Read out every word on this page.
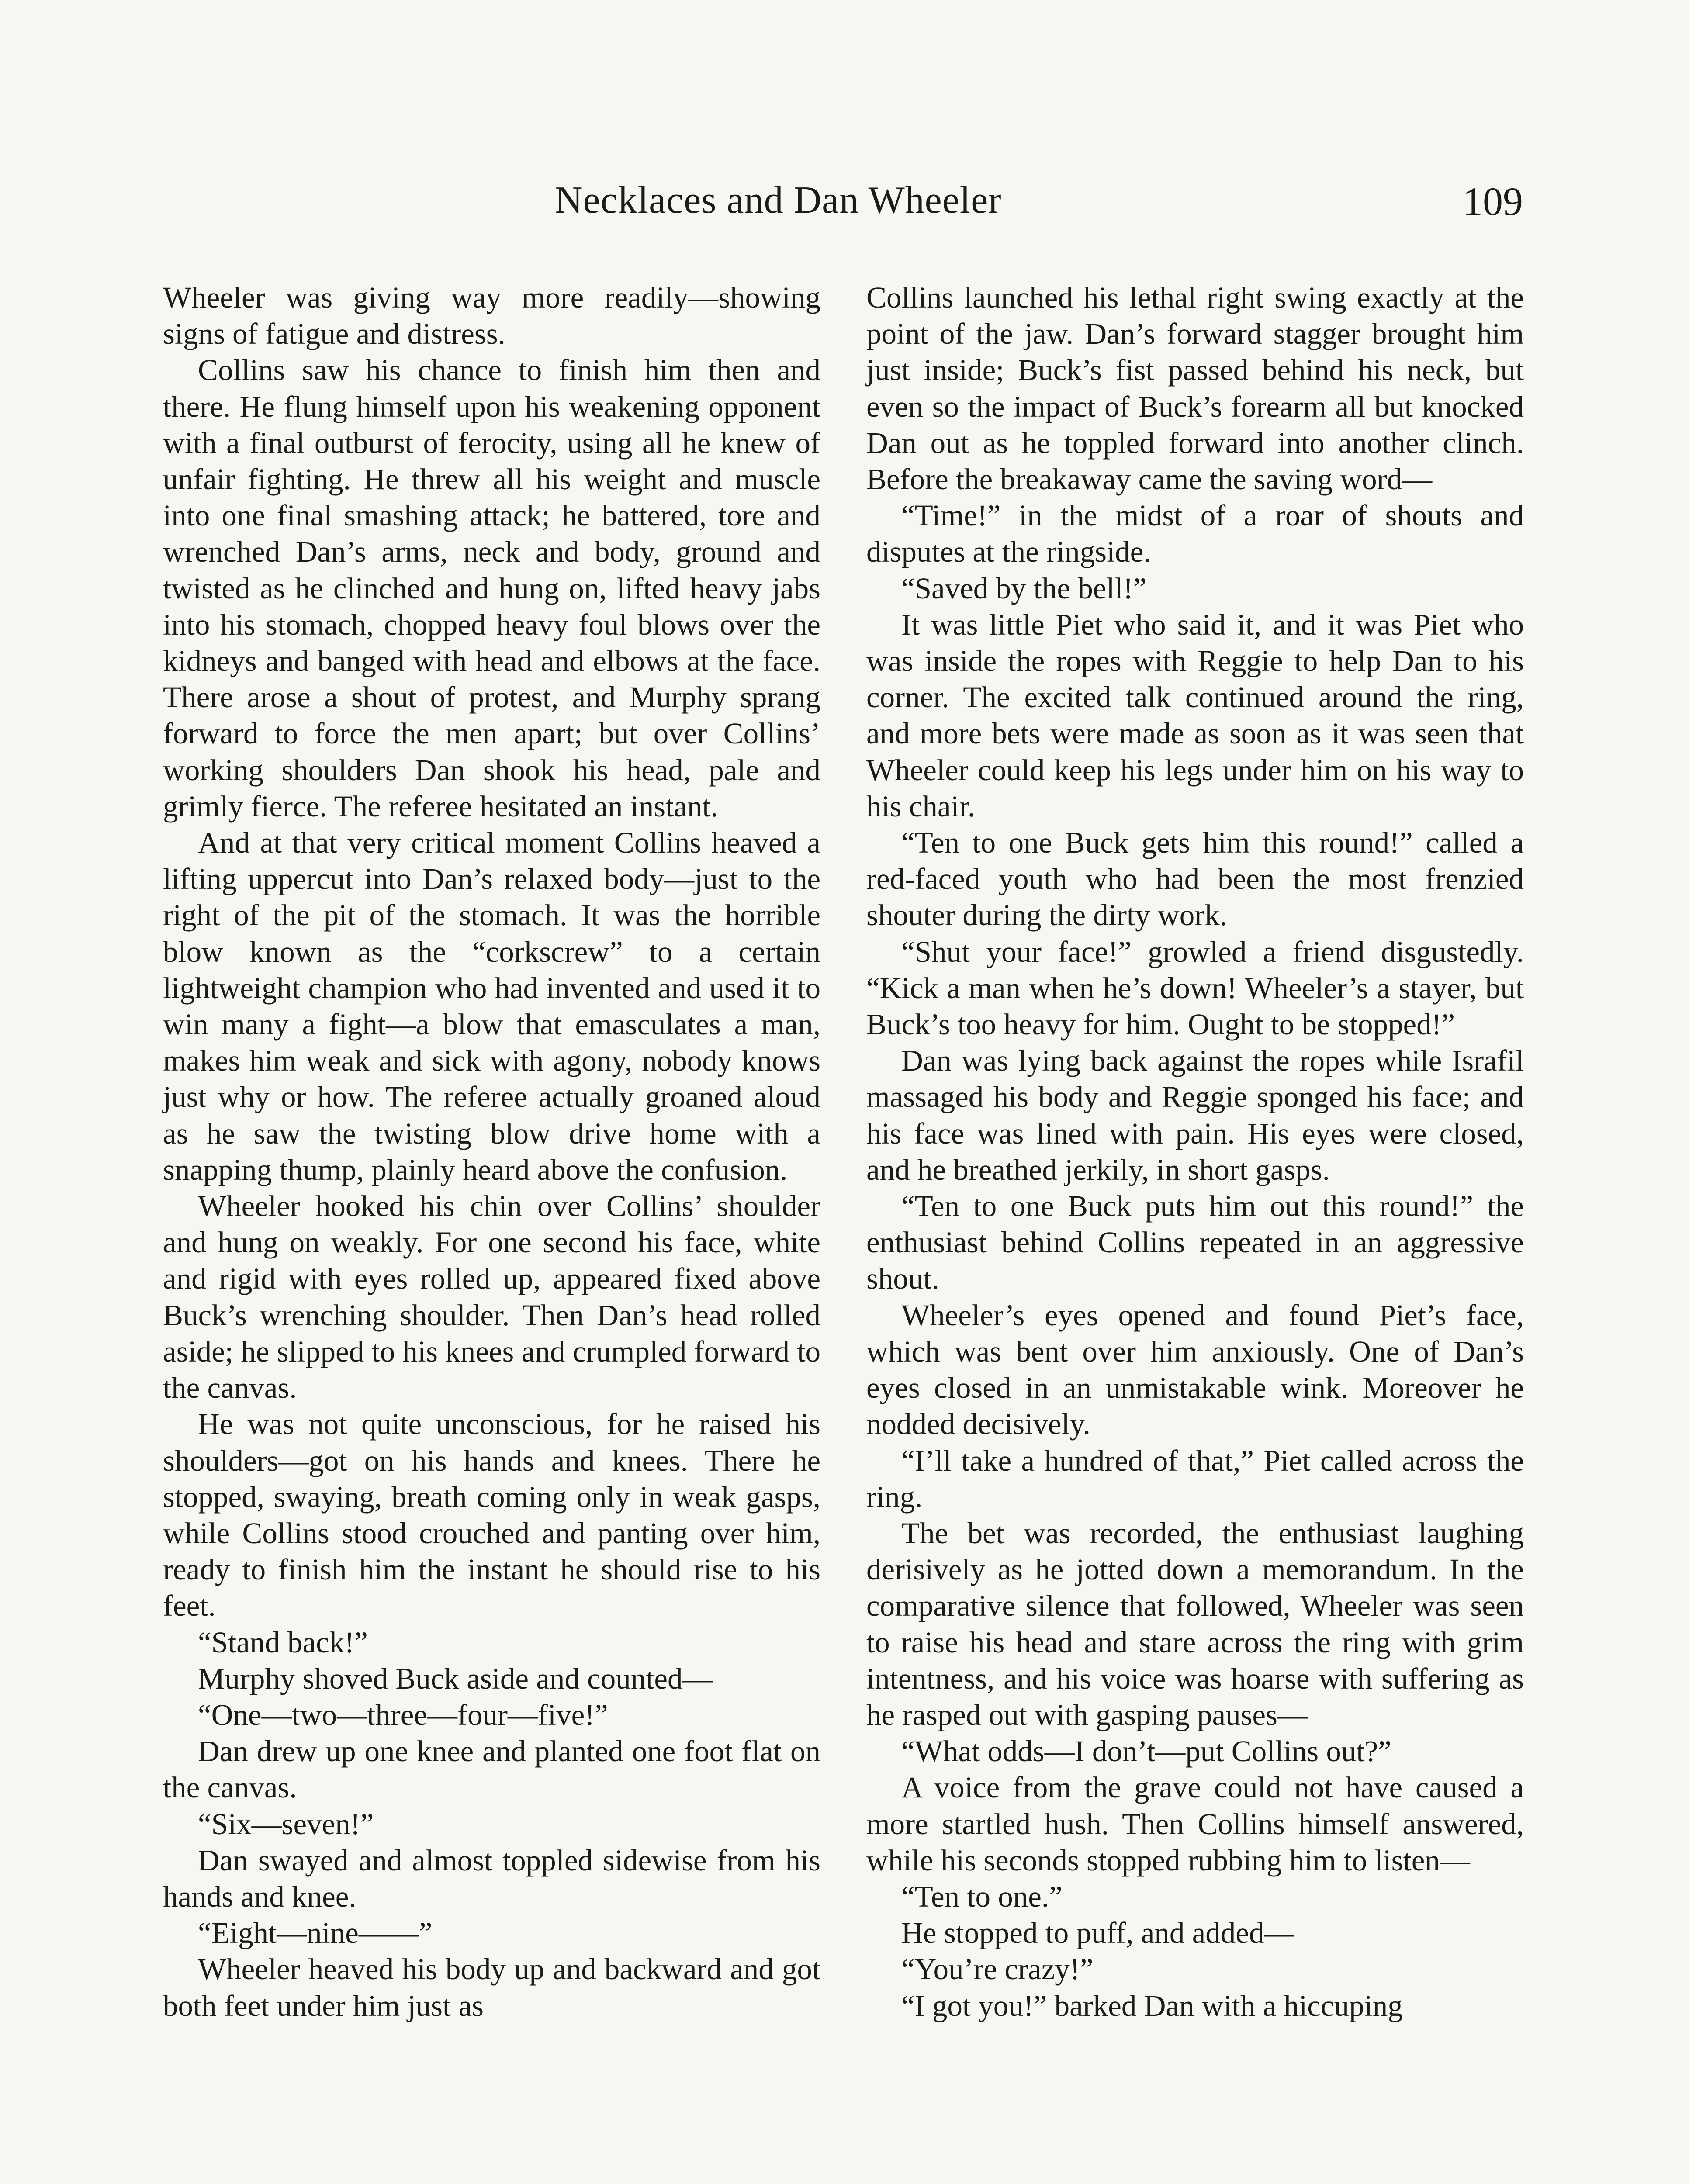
Necklaces and Dan Wheeler	109

Wheeler was giving way more readily—showing signs of fatigue and distress.

Collins saw his chance to finish him then and there. He flung himself upon his weakening opponent with a final outburst of ferocity, using all he knew of unfair fighting. He threw all his weight and muscle into one final smashing attack; he battered, tore and wrenched Dan’s arms, neck and body, ground and twisted as he clinched and hung on, lifted heavy jabs into his stomach, chopped heavy foul blows over the kidneys and banged with head and elbows at the face. There arose a shout of protest, and Murphy sprang forward to force the men apart; but over Collins’ working shoulders Dan shook his head, pale and grimly fierce. The referee hesitated an instant.

And at that very critical moment Collins heaved a lifting uppercut into Dan’s relaxed body—just to the right of the pit of the stomach. It was the horrible blow known as the “corkscrew” to a certain lightweight champion who had invented and used it to win many a fight—a blow that emasculates a man, makes him weak and sick with agony, nobody knows just why or how. The referee actually groaned aloud as he saw the twisting blow drive home with a snapping thump, plainly heard above the confusion.

Wheeler hooked his chin over Collins’ shoulder and hung on weakly. For one second his face, white and rigid with eyes rolled up, appeared fixed above Buck’s wrenching shoulder. Then Dan’s head rolled aside; he slipped to his knees and crumpled forward to the canvas.

He was not quite unconscious, for he raised his shoulders—got on his hands and knees. There he stopped, swaying, breath coming only in weak gasps, while Collins stood crouched and panting over him, ready to finish him the instant he should rise to his feet.

“Stand back!”

Murphy shoved Buck aside and counted—

“One—two—three—four—five!”

Dan drew up one knee and planted one foot flat on the canvas.

“Six—seven!”

Dan swayed and almost toppled sidewise from his hands and knee.

“Eight—nine——”

Wheeler heaved his body up and backward and got both feet under him just as

Collins launched his lethal right swing exactly at the point of the jaw. Dan’s forward stagger brought him just inside; Buck’s fist passed behind his neck, but even so the impact of Buck’s forearm all but knocked Dan out as he toppled forward into another clinch. Before the breakaway came the saving word—

“Time!” in the midst of a roar of shouts and disputes at the ringside.

“Saved by the bell!”

It was little Piet who said it, and it was Piet who was inside the ropes with Reggie to help Dan to his corner. The excited talk continued around the ring, and more bets were made as soon as it was seen that Wheeler could keep his legs under him on his way to his chair.

“Ten to one Buck gets him this round!” called a red-faced youth who had been the most frenzied shouter during the dirty work.

“Shut your face!” growled a friend disgustedly. “Kick a man when he’s down! Wheeler’s a stayer, but Buck’s too heavy for him. Ought to be stopped!”

Dan was lying back against the ropes while Israfil massaged his body and Reggie sponged his face; and his face was lined with pain. His eyes were closed, and he breathed jerkily, in short gasps.

“Ten to one Buck puts him out this round!” the enthusiast behind Collins repeated in an aggressive shout.

Wheeler’s eyes opened and found Piet’s face, which was bent over him anxiously. One of Dan’s eyes closed in an unmistakable wink. Moreover he nodded decisively.

“I’ll take a hundred of that,” Piet called across the ring.

The bet was recorded, the enthusiast laughing derisively as he jotted down a memorandum. In the comparative silence that followed, Wheeler was seen to raise his head and stare across the ring with grim intentness, and his voice was hoarse with suffering as he rasped out with gasping pauses—

“What odds—I don’t—put Collins out?”

A voice from the grave could not have caused a more startled hush. Then Collins himself answered, while his seconds stopped rubbing him to listen—

“Ten to one.”

He stopped to puff, and added—

“You’re crazy!”

“I got you!” barked Dan with a hiccuping
